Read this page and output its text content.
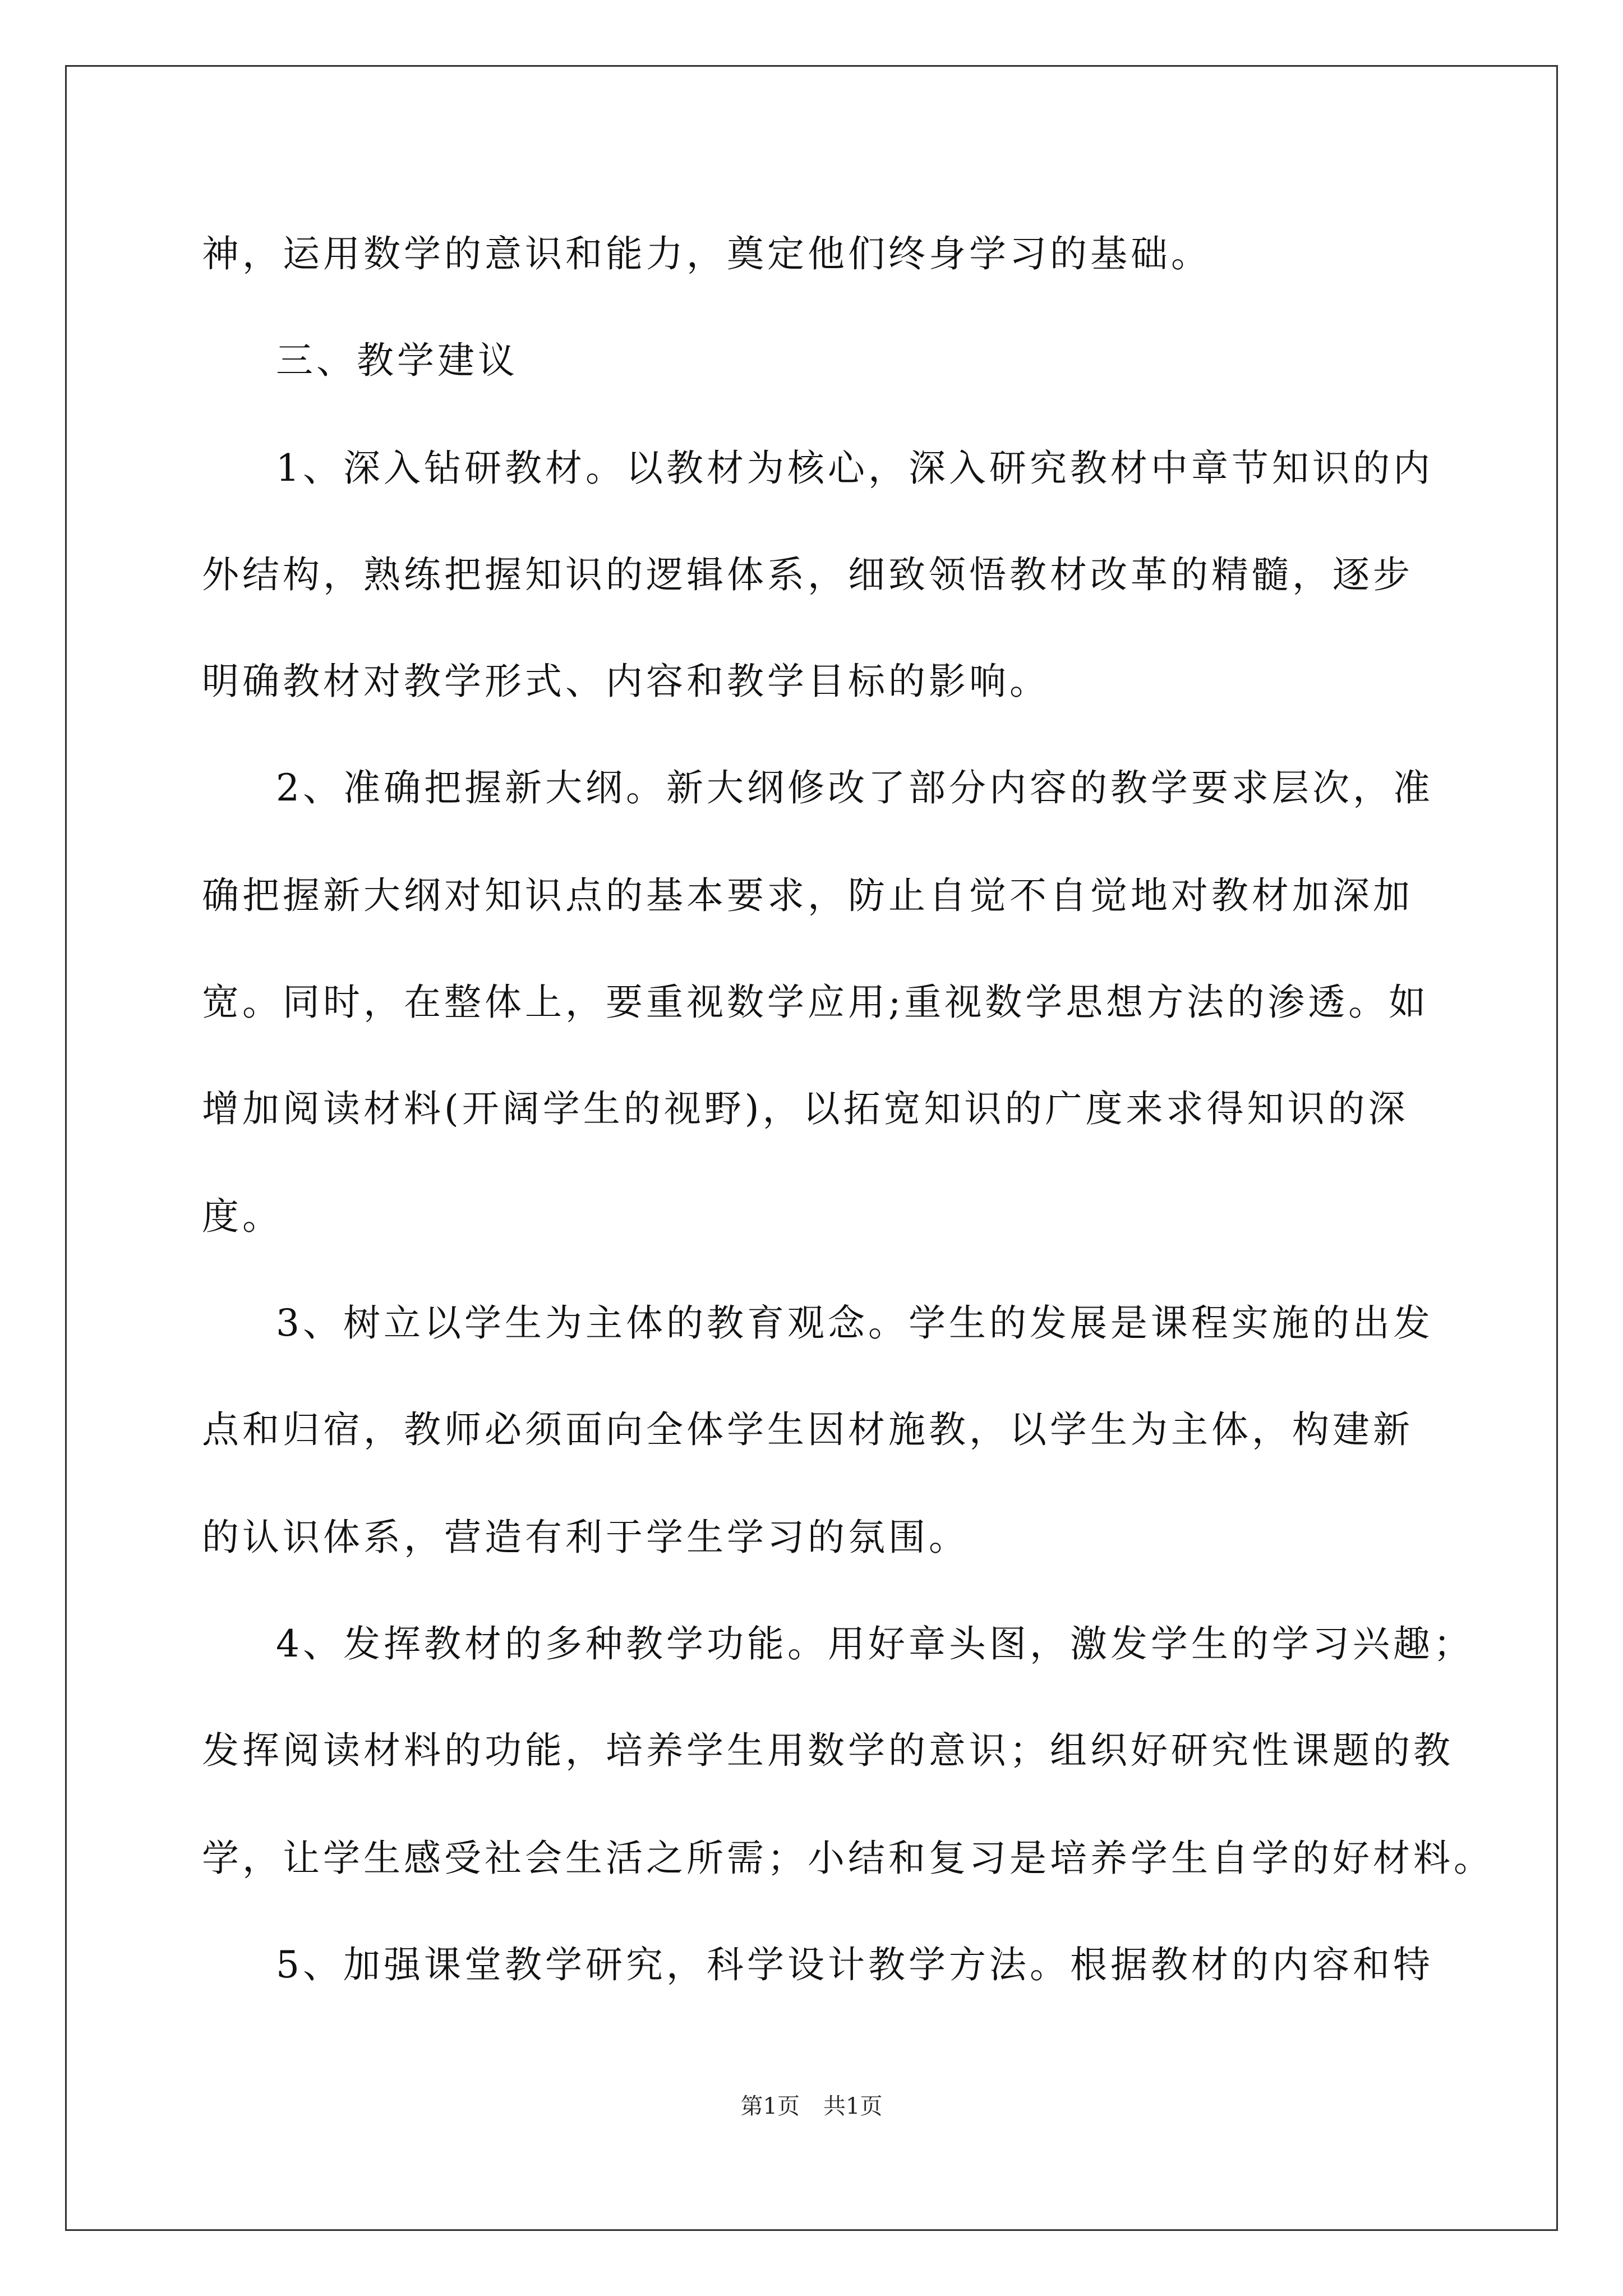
神，运用数学的意识和能力，奠定他们终身学习的基础。
三、教学建议
1、深入钻研教材。以教材为核心，深入研究教材中章节知识的内
外结构，熟练把握知识的逻辑体系，细致领悟教材改革的精髓，逐步
明确教材对教学形式、内容和教学目标的影响。
2、准确把握新大纲。新大纲修改了部分内容的教学要求层次，准
确把握新大纲对知识点的基本要求，防止自觉不自觉地对教材加深加
宽。同时，在整体上，要重视数学应用;重视数学思想方法的渗透。如
增加阅读材料(开阔学生的视野)，以拓宽知识的广度来求得知识的深
度。
3、树立以学生为主体的教育观念。学生的发展是课程实施的出发
点和归宿，教师必须面向全体学生因材施教，以学生为主体，构建新
的认识体系，营造有利于学生学习的氛围。
4、发挥教材的多种教学功能。用好章头图，激发学生的学习兴趣；
发挥阅读材料的功能，培养学生用数学的意识；组织好研究性课题的教
学，让学生感受社会生活之所需；小结和复习是培养学生自学的好材料。
5、加强课堂教学研究，科学设计教学方法。根据教材的内容和特
第1页 共1页
